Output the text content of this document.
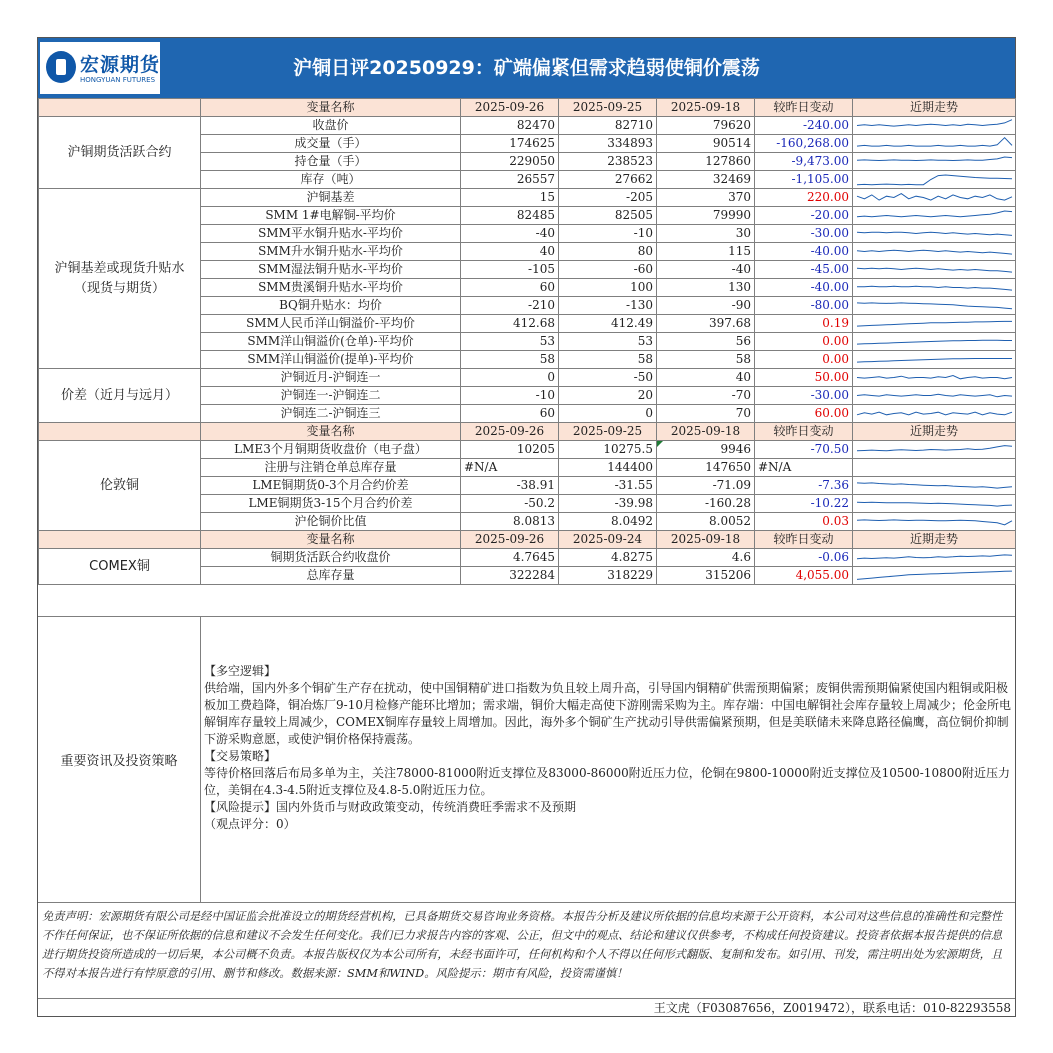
宏源期货
HONGYUAN FUTURES
沪铜日评20250929：矿端偏紧但需求趋弱使铜价震荡
	变量名称	2025-09-26	2025-09-25	2025-09-18	较昨日变动	近期走势
沪铜期货活跃合约	收盘价	82470	82710	79620	-240.00	

	成交量（手）	174625	334893	90514	-160,268.00	

	持仓量（手）	229050	238523	127860	-9,473.00	

	库存（吨）	26557	27662	32469	-1,105.00	

沪铜基差或现货升贴水（现货与期货）	沪铜基差	15	-205	370	220.00	

	SMM 1#电解铜-平均价	82485	82505	79990	-20.00	

	SMM平水铜升贴水-平均价	-40	-10	30	-30.00	

	SMM升水铜升贴水-平均价	40	80	115	-40.00	

	SMM湿法铜升贴水-平均价	-105	-60	-40	-45.00	

	SMM贵溪铜升贴水-平均价	60	100	130	-40.00	

	BQ铜升贴水：均价	-210	-130	-90	-80.00	

	SMM人民币洋山铜溢价-平均价	412.68	412.49	397.68	0.19	

	SMM洋山铜溢价(仓单)-平均价	53	53	56	0.00	

	SMM洋山铜溢价(提单)-平均价	58	58	58	0.00	

价差（近月与远月）	沪铜近月-沪铜连一	0	-50	40	50.00	

	沪铜连一-沪铜连二	-10	20	-70	-30.00	

	沪铜连二-沪铜连三	60	0	70	60.00	

	变量名称	2025-09-26	2025-09-25	2025-09-18	较昨日变动	近期走势
伦敦铜	LME3个月铜期货收盘价（电子盘）	10205	10275.5	9946	-70.50	

	注册与注销仓单总库存量	#N/A	144400	147650	#N/A	

	LME铜期货0-3个月合约价差	-38.91	-31.55	-71.09	-7.36	

	LME铜期货3-15个月合约价差	-50.2	-39.98	-160.28	-10.22	

	沪伦铜价比值	8.0813	8.0492	8.0052	0.03	

	变量名称	2025-09-26	2025-09-24	2025-09-18	较昨日变动	近期走势
COMEX铜	铜期货活跃合约收盘价	4.7645	4.8275	4.6	-0.06	

	总库存量	322284	318229	315206	4,055.00	
重要资讯及投资策略

【多空逻辑】

供给端，国内外多个铜矿生产存在扰动，使中国铜精矿进口指数为负且较上周升高，引导国内铜精矿供需预期偏紧；废铜供需预期偏紧使国内粗铜或阳极板加工费趋降，铜冶炼厂9-10月检修产能环比增加；需求端，铜价大幅走高使下游刚需采购为主。库存端：中国电解铜社会库存量较上周减少；伦金所电解铜库存量较上周减少，COMEX铜库存量较上周增加。因此，海外多个铜矿生产扰动引导供需偏紧预期，但是美联储未来降息路径偏鹰，高位铜价抑制下游采购意愿，或使沪铜价格保持震荡。

【交易策略】

等待价格回落后布局多单为主，关注78000-81000附近支撑位及83000-86000附近压力位，伦铜在9800-10000附近支撑位及10500-10800附近压力位，美铜在4.3-4.5附近支撑位及4.8-5.0附近压力位。

【风险提示】国内外货币与财政政策变动，传统消费旺季需求不及预期

（观点评分：0）

免责声明：宏源期货有限公司是经中国证监会批准设立的期货经营机构，已具备期货交易咨询业务资格。本报告分析及建议所依据的信息均来源于公开资料，本公司对这些信息的准确性和完整性不作任何保证，也不保证所依据的信息和建议不会发生任何变化。我们已力求报告内容的客观、公正，但文中的观点、结论和建议仅供参考，不构成任何投资建议。投资者依据本报告提供的信息进行期货投资所造成的一切后果，本公司概不负责。本报告版权仅为本公司所有，未经书面许可，任何机构和个人不得以任何形式翻版、复制和发布。如引用、刊发，需注明出处为宏源期货，且不得对本报告进行有悖原意的引用、删节和修改。数据来源：SMM和WIND。风险提示：期市有风险，投资需谨慎！
王文虎（F03087656，Z0019472），联系电话：010-82293558
